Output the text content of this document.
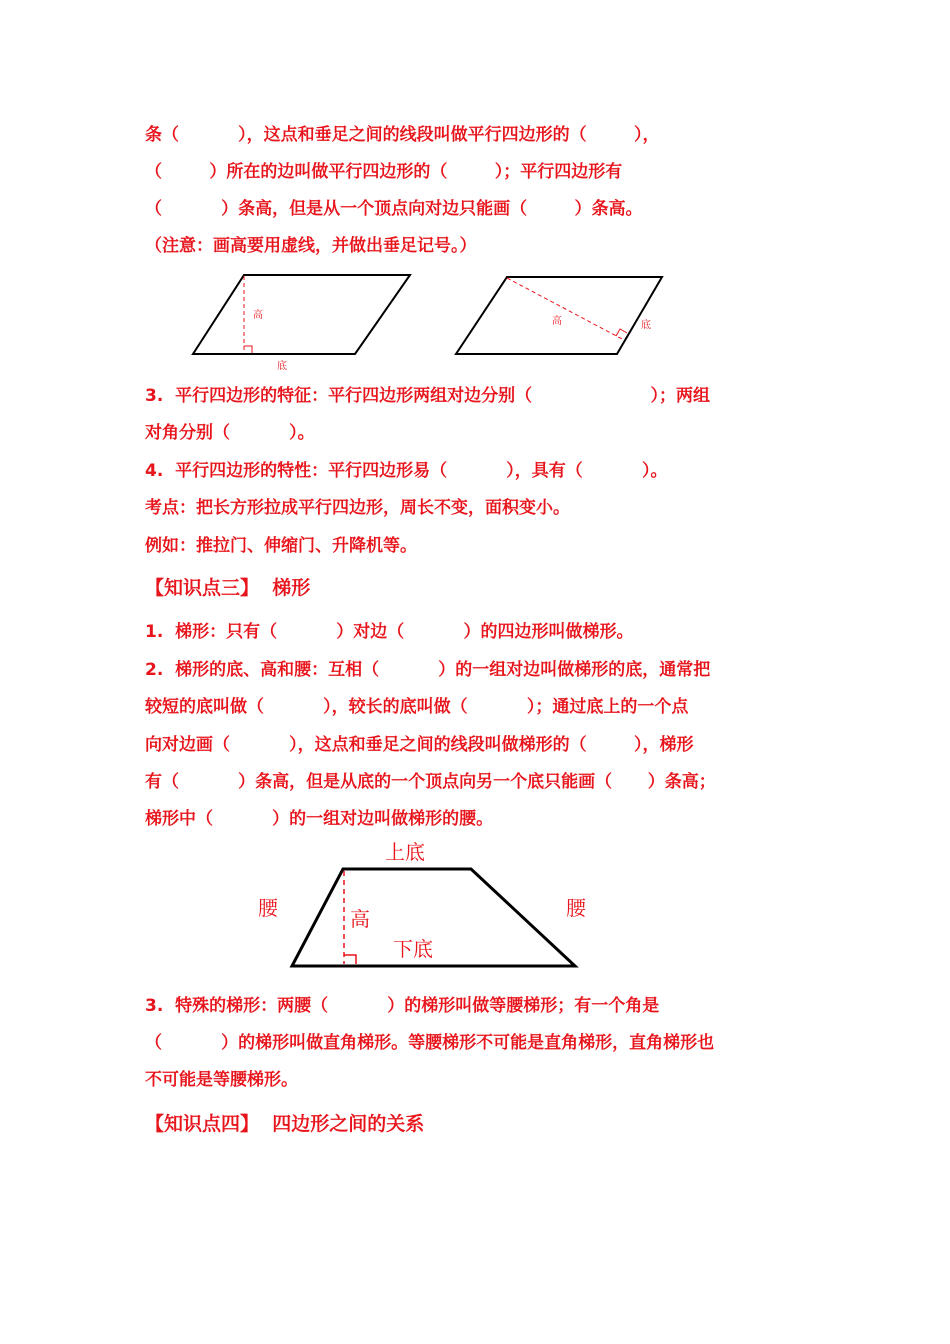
条（          ），这点和垂足之间的线段叫做平行四边形的（        ），
（        ）所在的边叫做平行四边形的（        ）；平行四边形有
（          ）条高，但是从一个顶点向对边只能画（        ）条高。
（注意：画高要用虚线，并做出垂足记号。）
高
底
高	底
3.  平行四边形的特征：平行四边形两组对边分别（                    ）；两组
对角分别（          ）。
4.  平行四边形的特性：平行四边形易（          ），具有（          ）。
考点：把长方形拉成平行四边形，周长不变，面积变小。
例如：推拉门、伸缩门、升降机等。
【知识点三】  梯形
1.  梯形：只有（          ）对边（          ）的四边形叫做梯形。
2.  梯形的底、高和腰：互相（          ）的一组对边叫做梯形的底，通常把
较短的底叫做（          ），较长的底叫做（          ）；通过底上的一个点
向对边画（          ），这点和垂足之间的线段叫做梯形的（        ），梯形
有（          ）条高，但是从底的一个顶点向另一个底只能画（      ）条高；
梯形中（          ）的一组对边叫做梯形的腰。
上底
下底
高
腰	腰
3.  特殊的梯形：两腰（          ）的梯形叫做等腰梯形；有一个角是
（          ）的梯形叫做直角梯形。等腰梯形不可能是直角梯形，直角梯形也
不可能是等腰梯形。
【知识点四】  四边形之间的关系
